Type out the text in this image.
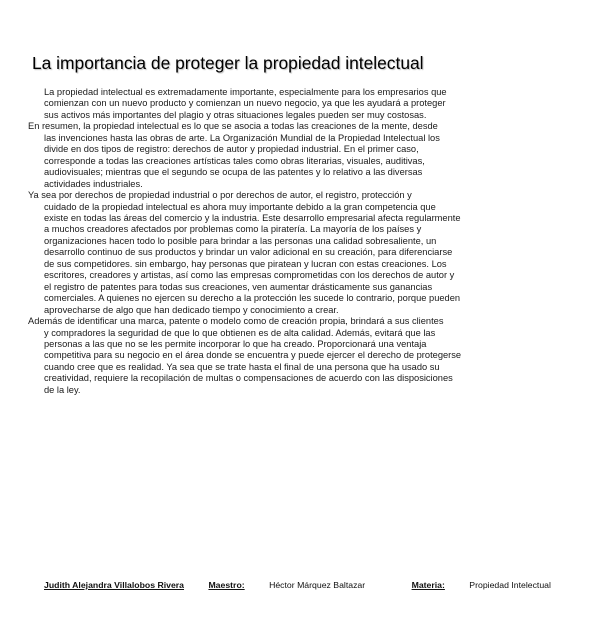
La importancia de proteger la propiedad intelectual
La propiedad intelectual es extremadamente importante, especialmente para los empresarios que
comienzan con un nuevo producto y comienzan un nuevo negocio, ya que les ayudará a proteger
sus activos más importantes del plagio y otras situaciones legales pueden ser muy costosas.
En resumen, la propiedad intelectual es lo que se asocia a todas las creaciones de la mente, desde
las invenciones hasta las obras de arte. La Organización Mundial de la Propiedad Intelectual los
divide en dos tipos de registro: derechos de autor y propiedad industrial. En el primer caso,
corresponde a todas las creaciones artísticas tales como obras literarias, visuales, auditivas,
audiovisuales; mientras que el segundo se ocupa de las patentes y lo relativo a las diversas
actividades industriales.
Ya sea por derechos de propiedad industrial o por derechos de autor, el registro, protección y
cuidado de la propiedad intelectual es ahora muy importante debido a la gran competencia que
existe en todas las áreas del comercio y la industria. Este desarrollo empresarial afecta regularmente
a muchos creadores afectados por problemas como la piratería. La mayoría de los países y
organizaciones hacen todo lo posible para brindar a las personas una calidad sobresaliente, un
desarrollo continuo de sus productos y brindar un valor adicional en su creación, para diferenciarse
de sus competidores. sin embargo, hay personas que piratean y lucran con estas creaciones. Los
escritores, creadores y artistas, así como las empresas comprometidas con los derechos de autor y
el registro de patentes para todas sus creaciones, ven aumentar drásticamente sus ganancias
comerciales. A quienes no ejercen su derecho a la protección les sucede lo contrario, porque pueden
aprovecharse de algo que han dedicado tiempo y conocimiento a crear.
Además de identificar una marca, patente o modelo como de creación propia, brindará a sus clientes
y compradores la seguridad de que lo que obtienen es de alta calidad. Además, evitará que las
personas a las que no se les permite incorporar lo que ha creado. Proporcionará una ventaja
competitiva para su negocio en el área donde se encuentra y puede ejercer el derecho de protegerse
cuando cree que es realidad. Ya sea que se trate hasta el final de una persona que ha usado su
creatividad, requiere la recopilación de multas o compensaciones de acuerdo con las disposiciones
de la ley.
Judith Alejandra Villalobos Rivera	Maestro:	Héctor Márquez Baltazar	Materia:	Propiedad Intelectual
